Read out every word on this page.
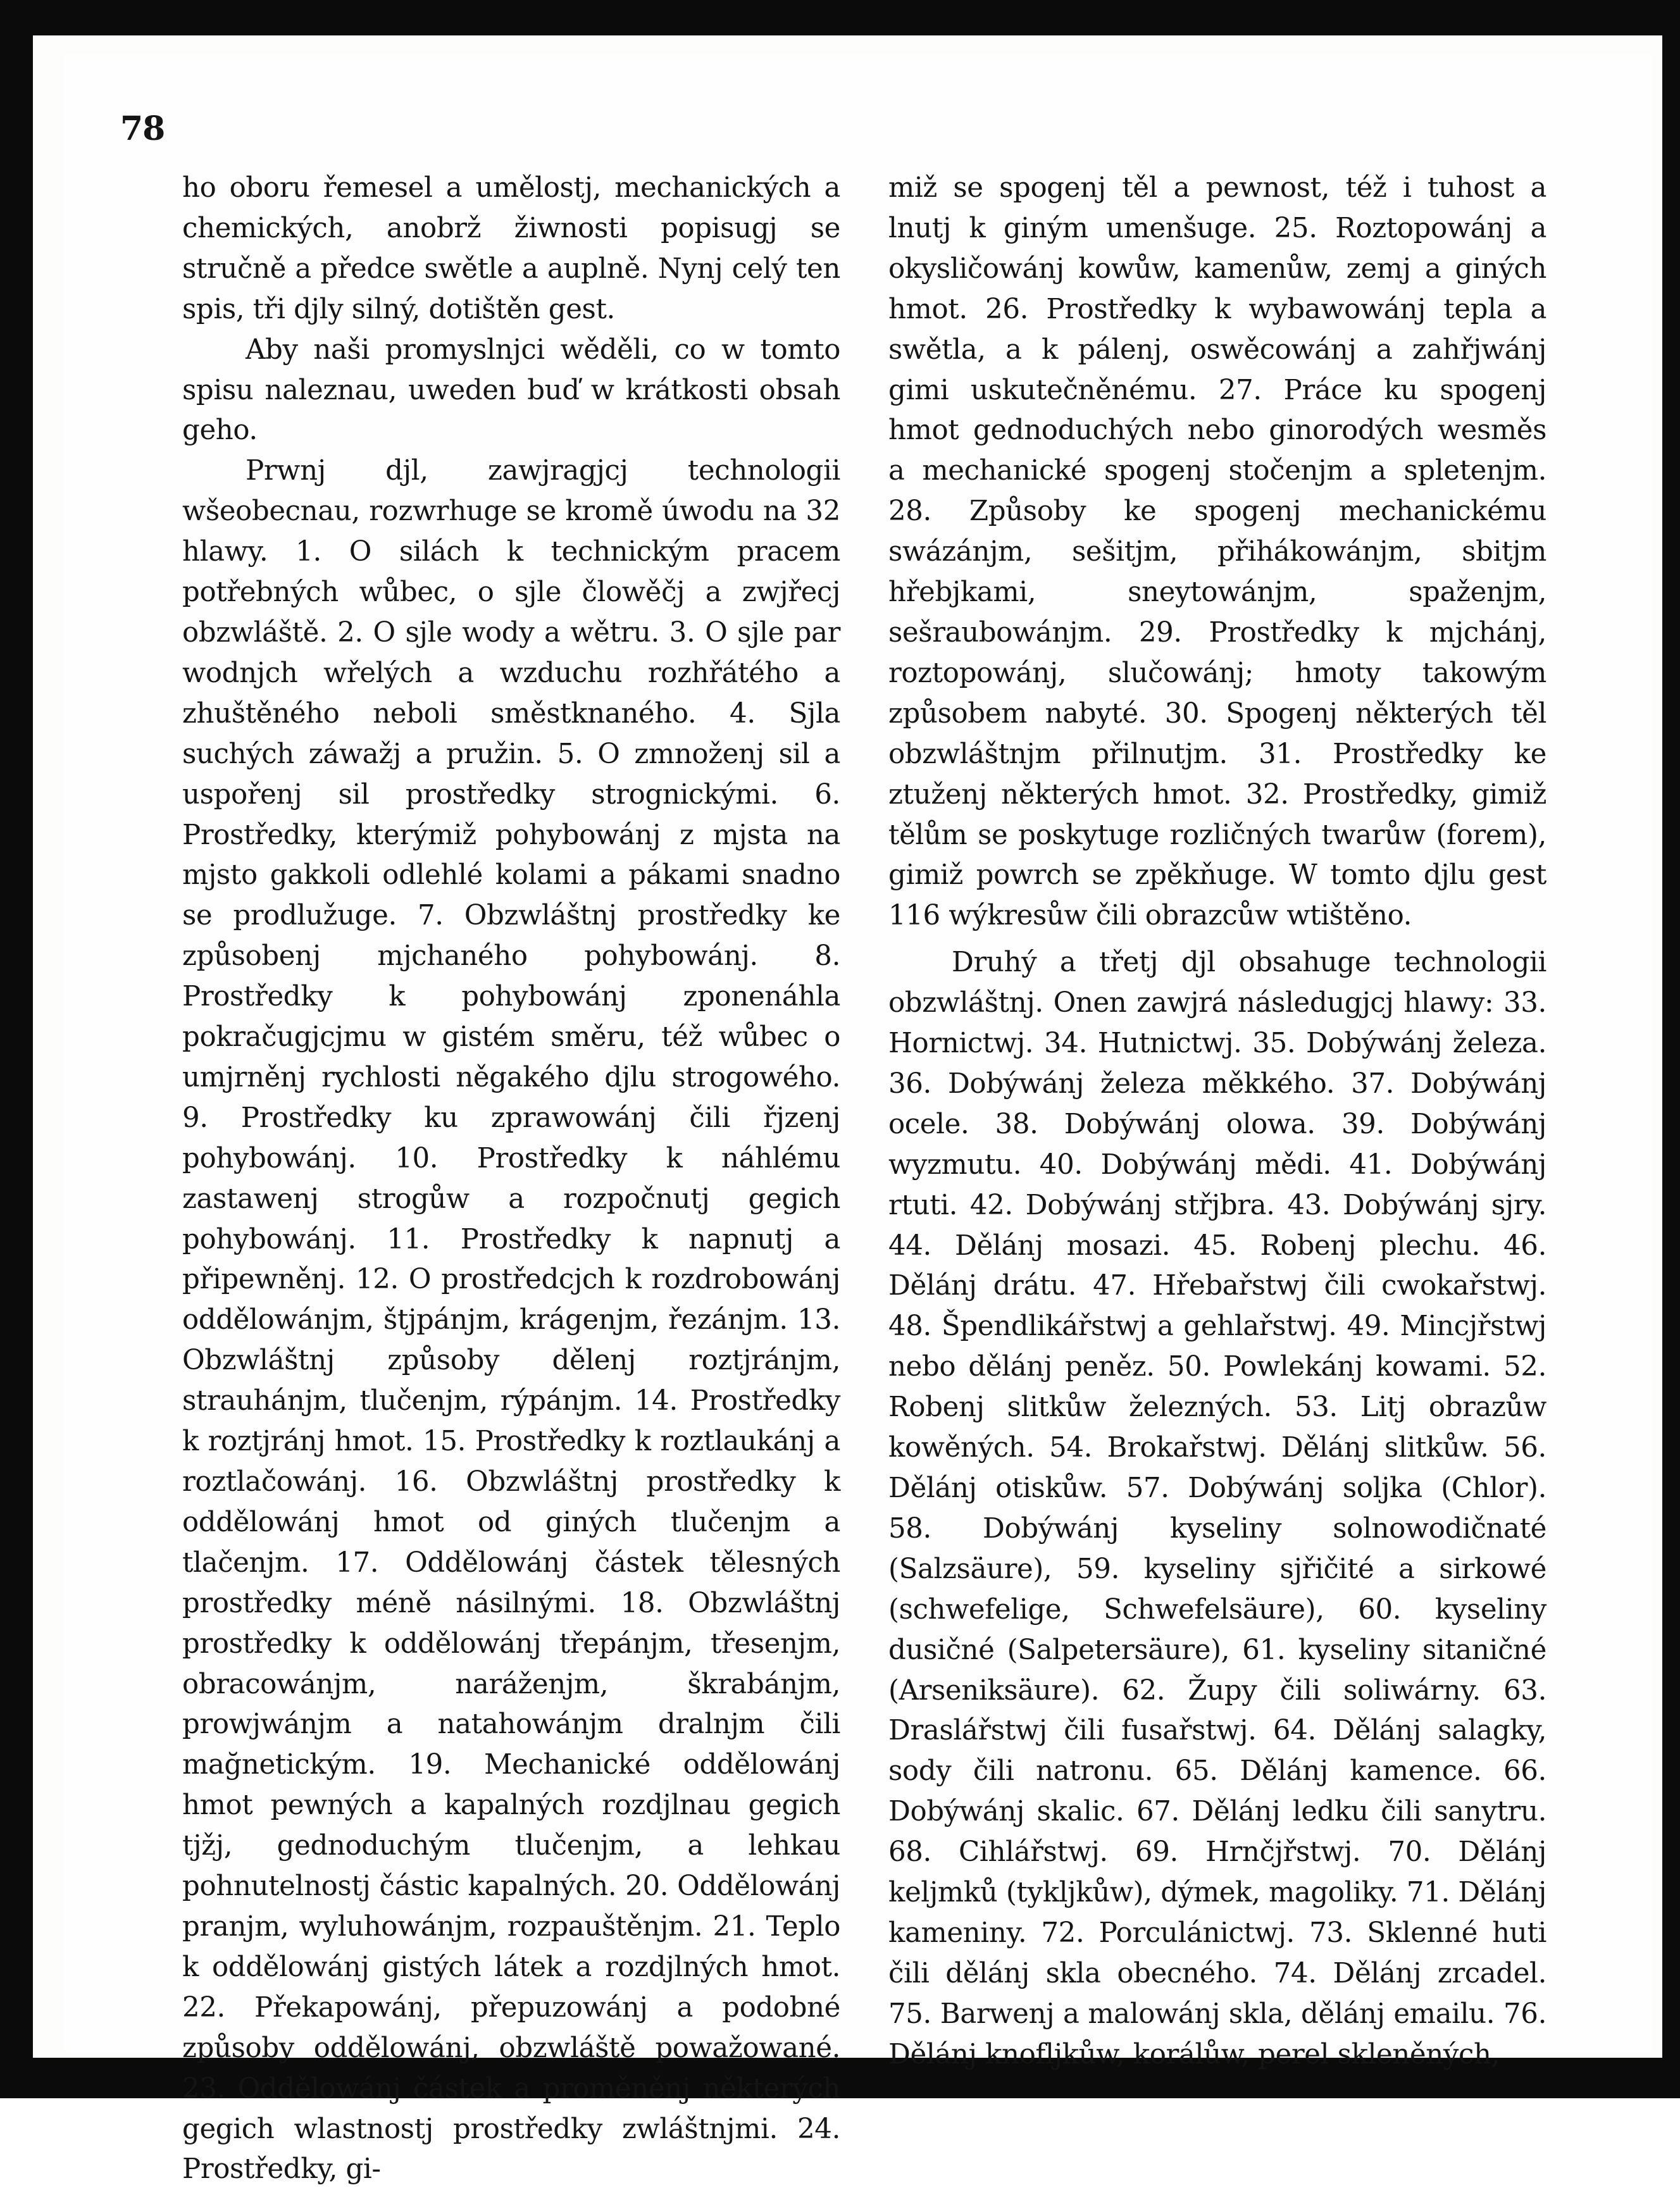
78

ho oboru řemesel a umělostj, mechanických a chemických, anobrž žiwnosti popisugj se stručně a předce swětle a auplně. Nynj celý ten spis, tři djly silný, dotištěn gest.

Aby naši promyslnjci wěděli, co w tomto spisu naleznau, uweden buď w krátkosti obsah geho.

Prwnj djl, zawjragjcj technologii wšeobecnau, rozwrhuge se kromě úwodu na 32 hlawy. 1. O silách k technickým pracem potřebných wůbec, o sjle člowěčj a zwjřecj obzwláště. 2. O sjle wody a wětru. 3. O sjle par wodnjch wřelých a wzduchu rozhřátého a zhuštěného neboli směstknaného. 4. Sjla suchých záwažj a pružin. 5. O zmnoženj sil a uspořenj sil prostředky strognickými. 6. Prostředky, kterýmiž pohybowánj z mjsta na mjsto gakkoli odlehlé kolami a pákami snadno se prodlužuge. 7. Obzwláštnj prostředky ke způsobenj mjchaného pohybowánj. 8. Prostředky k pohybowánj zponenáhla pokračugjcjmu w gistém směru, též wůbec o umjrněnj rychlosti něgakého djlu strogowého. 9. Prostředky ku zprawowánj čili řjzenj pohybowánj. 10. Prostředky k náhlému zastawenj strogůw a rozpočnutj gegich pohybowánj. 11. Prostředky k napnutj a připewněnj. 12. O prostředcjch k rozdrobowánj oddělowánjm, štjpánjm, krágenjm, řezánjm. 13. Obzwláštnj způsoby dělenj roztjránjm, strauhánjm, tlučenjm, rýpánjm. 14. Prostředky k roztjránj hmot. 15. Prostředky k roztlaukánj a roztlačowánj. 16. Obzwláštnj prostředky k oddělowánj hmot od giných tlučenjm a tlačenjm. 17. Oddělowánj částek tělesných prostředky méně násilnými. 18. Obzwláštnj prostředky k oddělowánj třepánjm, třesenjm, obracowánjm, naráženjm, škrabánjm, prowjwánjm a natahowánjm dralnjm čili mağnetickým. 19. Mechanické oddělowánj hmot pewných a kapalných rozdjlnau gegich tjžj, gednoduchým tlučenjm, a lehkau pohnutelnostj částic kapalných. 20. Oddělowánj pranjm, wyluhowánjm, rozpauštěnjm. 21. Teplo k oddělowánj gistých látek a rozdjlných hmot. 22. Překapowánj, přepuzowánj a podobné způsoby oddělowánj, obzwláště powažowané. 23. Oddělowánj částek a proměněnj některých gegich wlastnostj prostředky zwláštnjmi. 24. Prostředky, gi-

miž se spogenj těl a pewnost, též i tuhost a lnutj k giným umenšuge. 25. Roztopowánj a okysličowánj kowůw, kamenůw, zemj a giných hmot. 26. Prostředky k wybawowánj tepla a swětla, a k pálenj, oswěcowánj a zahřjwánj gimi uskutečněnému. 27. Práce ku spogenj hmot gednoduchých nebo ginorodých wesměs a mechanické spogenj stočenjm a spletenjm. 28. Způsoby ke spogenj mechanickému swázánjm, sešitjm, přihákowánjm, sbitjm hřebjkami, sneytowánjm, spaženjm, sešraubowánjm. 29. Prostředky k mjchánj, roztopowánj, slučowánj; hmoty takowým způsobem nabyté. 30. Spogenj některých těl obzwláštnjm přilnutjm. 31. Prostředky ke ztuženj některých hmot. 32. Prostředky, gimiž tělům se poskytuge rozličných twarůw (forem), gimiž powrch se zpěkňuge. W tomto djlu gest 116 wýkresůw čili obrazcůw wtištěno.

Druhý a třetj djl obsahuge technologii obzwláštnj. Onen zawjrá následugjcj hlawy: 33. Hornictwj. 34. Hutnictwj. 35. Dobýwánj železa. 36. Dobýwánj železa měkkého. 37. Dobýwánj ocele. 38. Dobýwánj olowa. 39. Dobýwánj wyzmutu. 40. Dobýwánj mědi. 41. Dobýwánj rtuti. 42. Dobýwánj střjbra. 43. Dobýwánj sjry. 44. Dělánj mosazi. 45. Robenj plechu. 46. Dělánj drátu. 47. Hřebařstwj čili cwokařstwj. 48. Špendlikářstwj a gehlařstwj. 49. Mincjřstwj nebo dělánj peněz. 50. Powlekánj kowami. 52. Robenj slitkůw železných. 53. Litj obrazůw kowěných. 54. Brokařstwj. Dělánj slitkůw. 56. Dělánj otiskůw. 57. Dobýwánj soljka (Chlor). 58. Dobýwánj kyseliny solnowodičnaté (Salzsäure), 59. kyseliny sjřičité a sirkowé (schwefelige, Schwefelsäure), 60. kyseliny dusičné (Salpetersäure), 61. kyseliny sitaničné (Arseniksäure). 62. Župy čili soliwárny. 63. Draslářstwj čili fusařstwj. 64. Dělánj salagky, sody čili natronu. 65. Dělánj kamence. 66. Dobýwánj skalic. 67. Dělánj ledku čili sanytru. 68. Cihlářstwj. 69. Hrnčjřstwj. 70. Dělánj keljmků (tykljkůw), dýmek, magoliky. 71. Dělánj kameniny. 72. Porculánictwj. 73. Sklenné huti čili dělánj skla obecného. 74. Dělánj zrcadel. 75. Barwenj a malowánj skla, dělánj emailu. 76. Dělánj knofljkůw, korálůw, perel skleněných,
